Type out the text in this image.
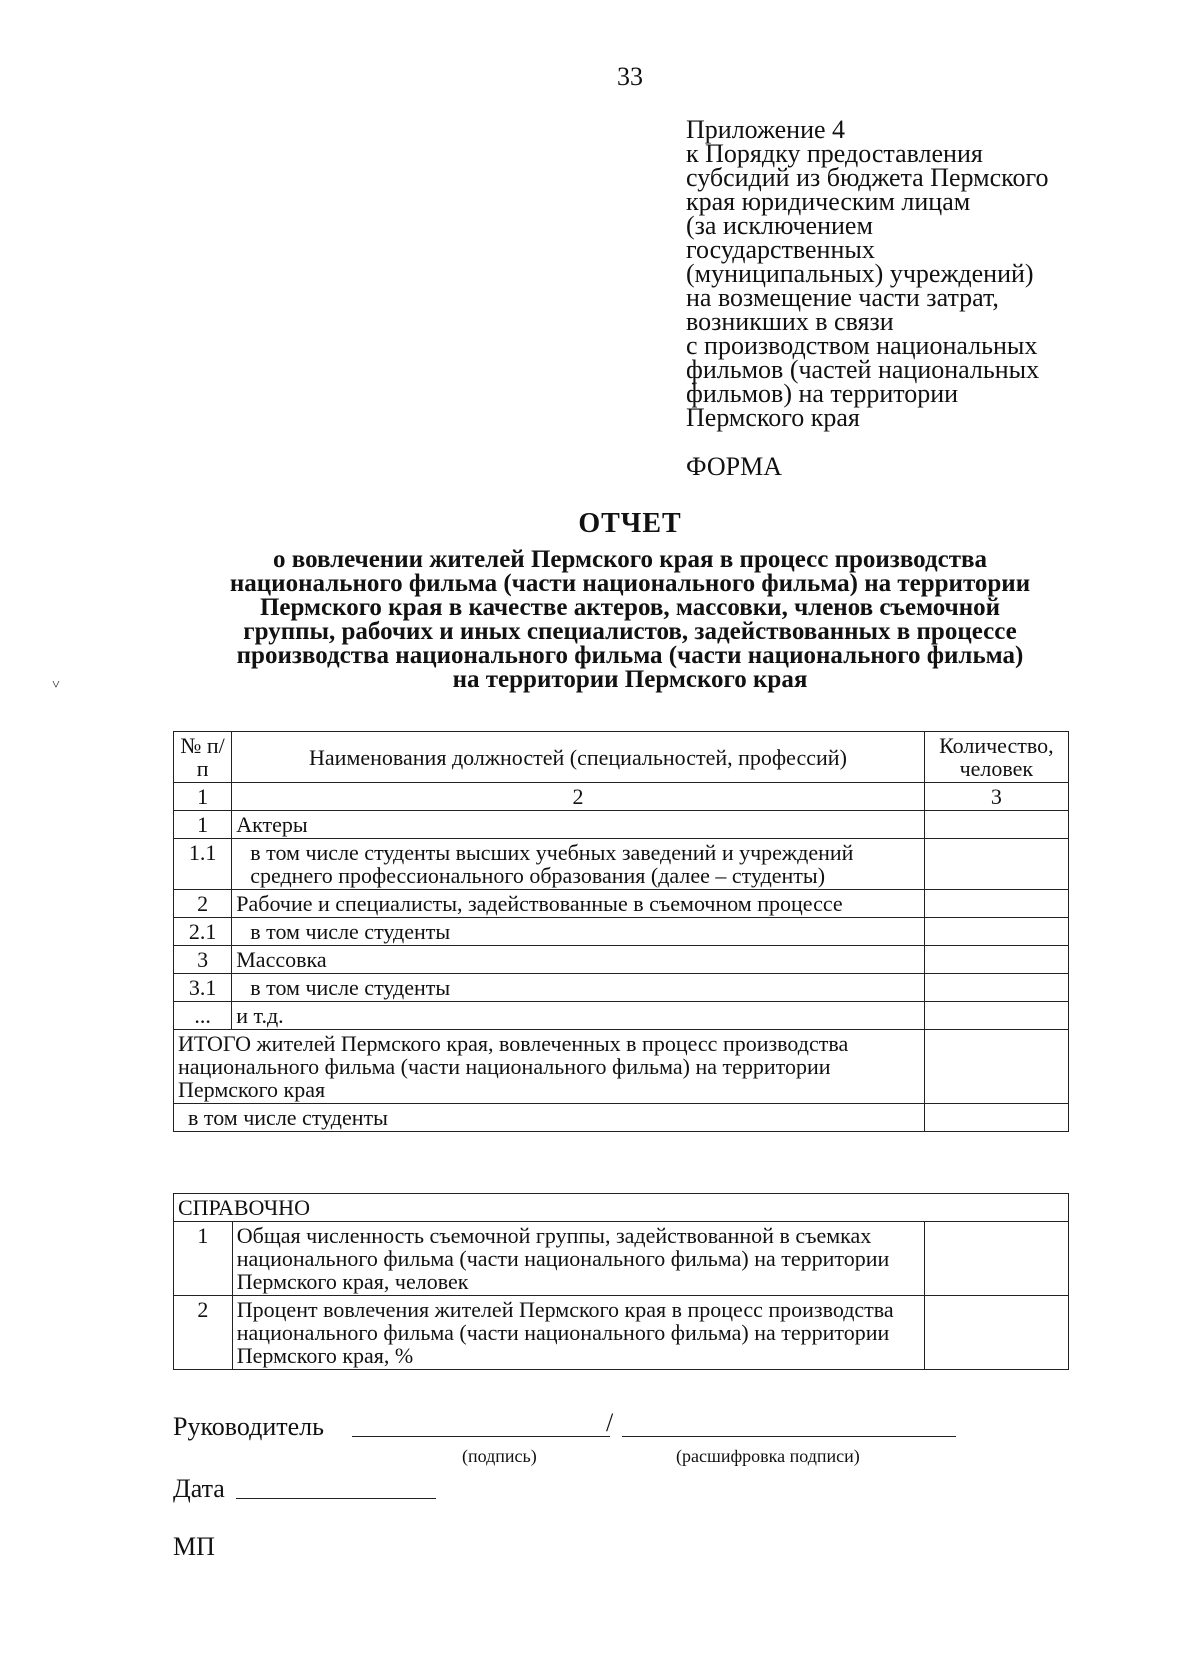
33
Приложение 4
к Порядку предоставления
субсидий из бюджета Пермского
края юридическим лицам
(за исключением
государственных
(муниципальных) учреждений)
на возмещение части затрат,
возникших в связи
с производством национальных
фильмов (частей национальных
фильмов) на территории
Пермского края
ФОРМА
ОТЧЕТ
о вовлечении жителей Пермского края в процесс производства
национального фильма (части национального фильма) на территории
Пермского края в качестве актеров, массовки, членов съемочной
группы, рабочих и иных специалистов, задействованных в процессе
производства национального фильма (части национального фильма)
на территории Пермского края
˅
№ п/п	Наименования должностей (специальностей, профессий)	Количество, человек
1	2	3
1	Актеры	
1.1	в том числе студенты высших учебных заведений и учреждений среднего профессионального образования (далее – студенты)	
2	Рабочие и специалисты, задействованные в съемочном процессе	
2.1	в том числе студенты	
3	Массовка	
3.1	в том числе студенты	
...	и т.д.	
ИТОГО жителей Пермского края, вовлеченных в процесс производства национального фильма (части национального фильма) на территории Пермского края		
в том числе студенты		
СПРАВОЧНО		
1	Общая численность съемочной группы, задействованной в съемках национального фильма (части национального фильма) на территории Пермского края, человек	
2	Процент вовлечения жителей Пермского края в процесс производства национального фильма (части национального фильма) на территории Пермского края, %	
Руководитель	/
(подпись)	(расшифровка подписи)
Дата
МП
